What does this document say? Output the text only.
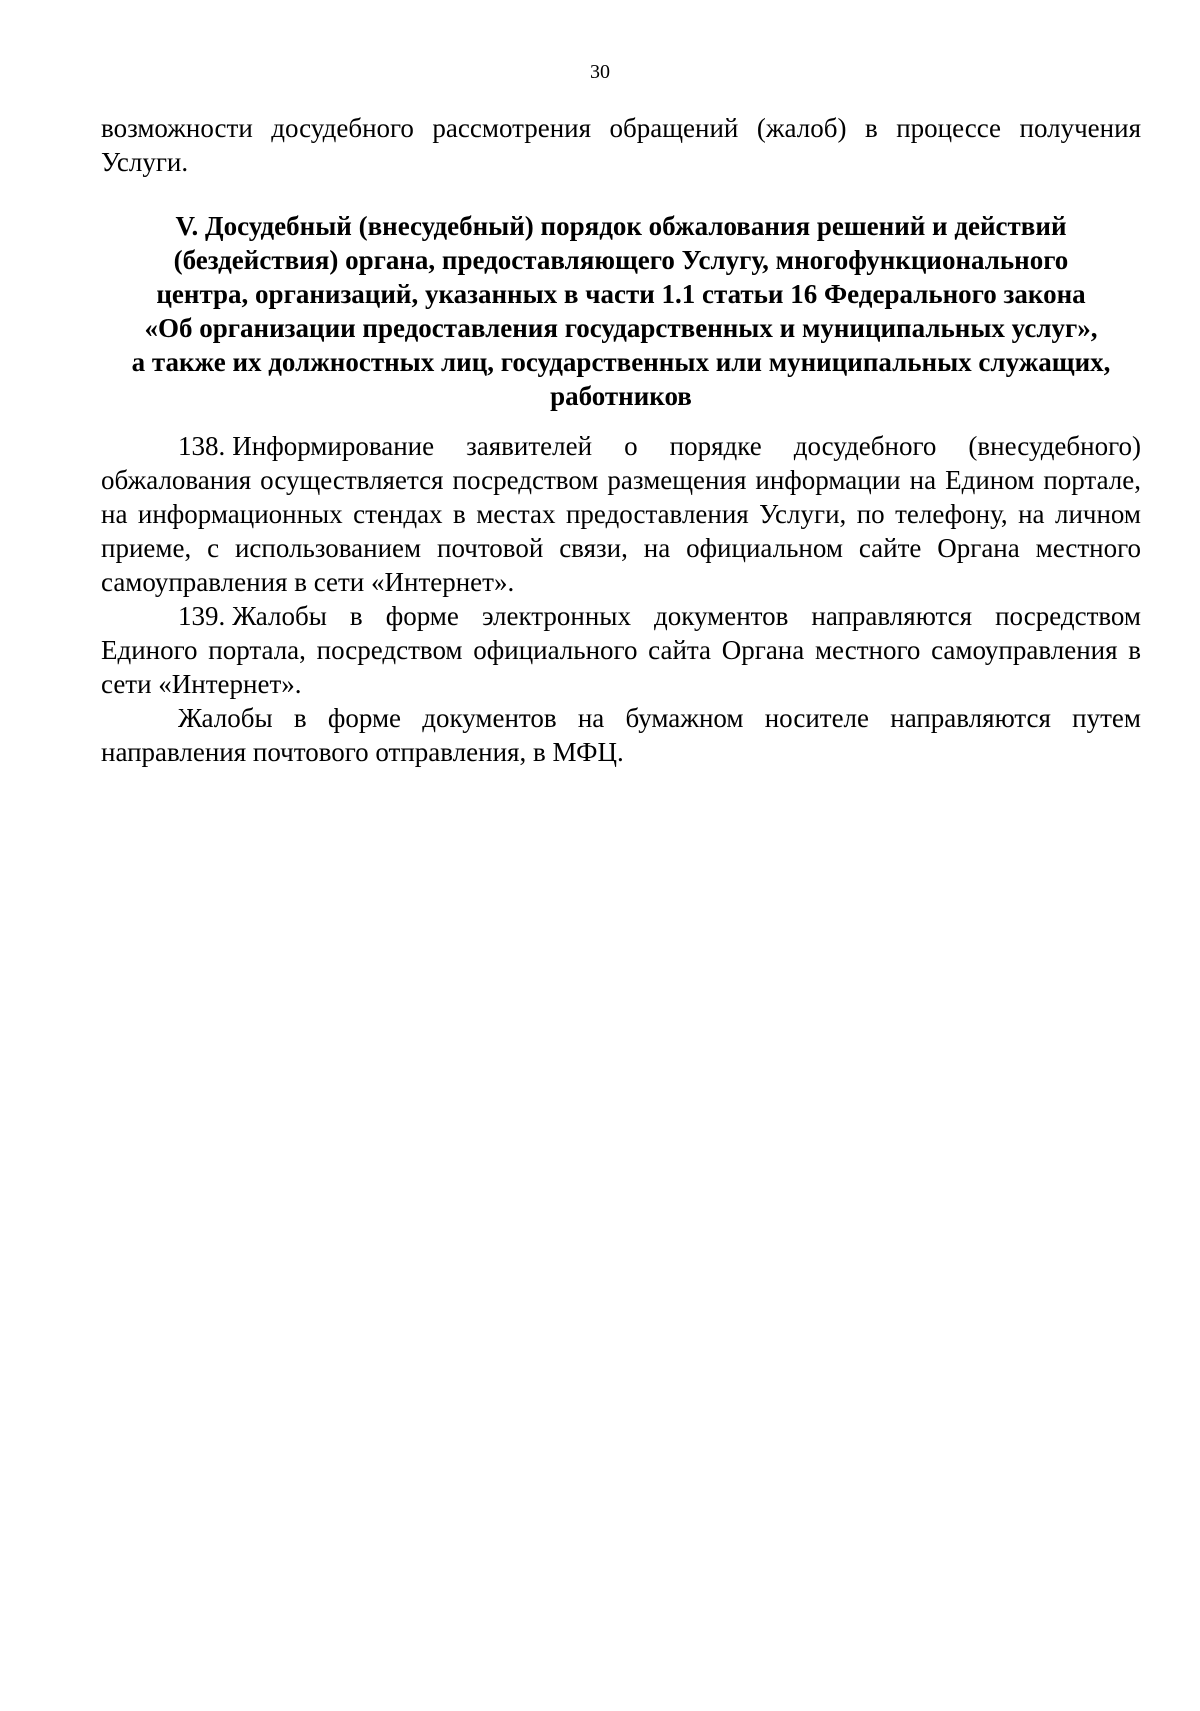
30
возможности досудебного рассмотрения обращений (жалоб) в процессе получения Услуги.
V. Досудебный (внесудебный) порядок обжалования решений и действий
(бездействия) органа, предоставляющего Услугу, многофункционального
центра, организаций, указанных в части 1.1 статьи 16 Федерального закона
«Об организации предоставления государственных и муниципальных услуг»,
а также их должностных лиц, государственных или муниципальных служащих,
работников

138. Информирование заявителей о порядке досудебного (внесудебного) обжалования осуществляется посредством размещения информации на Едином портале, на информационных стендах в местах предоставления Услуги, по телефону, на личном приеме, с использованием почтовой связи, на официальном сайте Органа местного самоуправления в сети «Интернет».

139. Жалобы в форме электронных документов направляются посредством Единого портала, посредством официального сайта Органа местного самоуправления в сети «Интернет».

Жалобы в форме документов на бумажном носителе направляются путем направления почтового отправления, в МФЦ.
